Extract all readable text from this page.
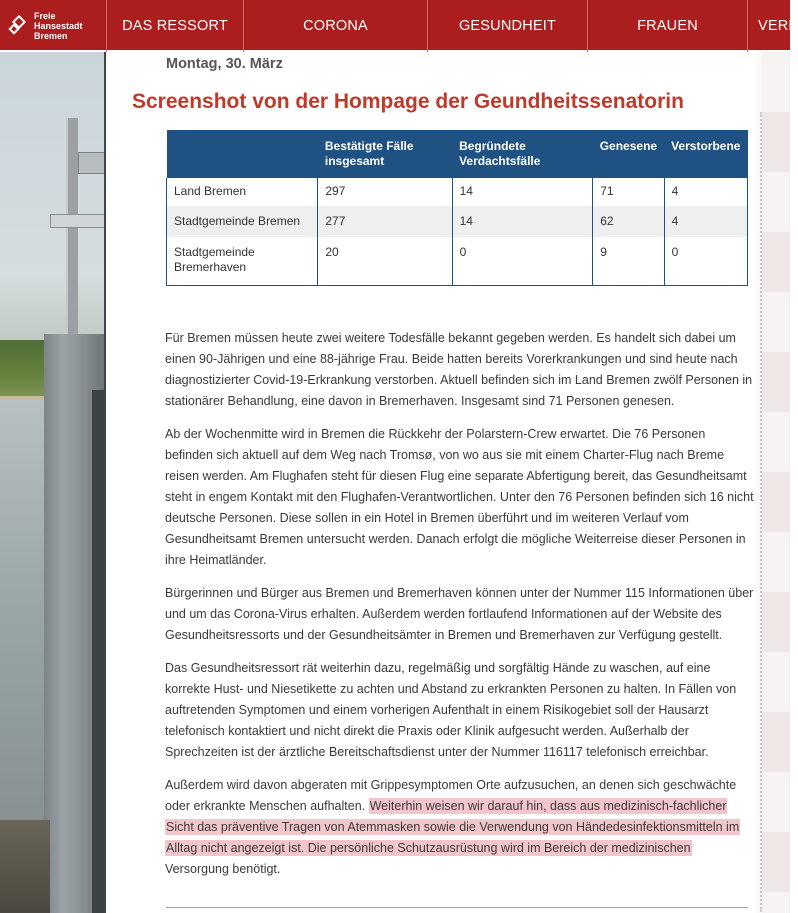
Freie
Hansestadt
Bremen
DAS RESSORT	CORONA	GESUNDHEIT	FRAUEN	VERB
Montag, 30. März
Screenshot von der Hompage der Geundheitssenatorin
	Bestätigte Fälle insgesamt	Begründete Verdachtsfälle	Genesene	Verstorbene
Land Bremen	297	14	71	4
Stadtgemeinde Bremen	277	14	62	4
Stadtgemeinde Bremerhaven	20	0	9	0

Für Bremen müssen heute zwei weitere Todesfälle bekannt gegeben werden. Es handelt sich dabei um einen 90-Jährigen und eine 88-jährige Frau. Beide hatten bereits Vorerkrankungen und sind heute nach diagnostizierter Covid-19-Erkrankung verstorben. Aktuell befinden sich im Land Bremen zwölf Personen in stationärer Behandlung, eine davon in Bremerhaven. Insgesamt sind 71 Personen genesen.

Ab der Wochenmitte wird in Bremen die Rückkehr der Polarstern-Crew erwartet. Die 76 Personen befinden sich aktuell auf dem Weg nach Tromsø, von wo aus sie mit einem Charter-Flug nach Breme reisen werden. Am Flughafen steht für diesen Flug eine separate Abfertigung bereit, das Gesundheitsamt steht in engem Kontakt mit den Flughafen-Verantwortlichen. Unter den 76 Personen befinden sich 16 nicht deutsche Personen. Diese sollen in ein Hotel in Bremen überführt und im weiteren Verlauf vom Gesundheitsamt Bremen untersucht werden. Danach erfolgt die mögliche Weiterreise dieser Personen in ihre Heimatländer.

Bürgerinnen und Bürger aus Bremen und Bremerhaven können unter der Nummer 115 Informationen über und um das Corona-Virus erhalten. Außerdem werden fortlaufend Informationen auf der Website des Gesundheitsressorts und der Gesundheitsämter in Bremen und Bremerhaven zur Verfügung gestellt.

Das Gesundheitsressort rät weiterhin dazu, regelmäßig und sorgfältig Hände zu waschen, auf eine korrekte Hust- und Niesetikette zu achten und Abstand zu erkrankten Personen zu halten. In Fällen von auftretenden Symptomen und einem vorherigen Aufenthalt in einem Risikogebiet soll der Hausarzt telefonisch kontaktiert und nicht direkt die Praxis oder Klinik aufgesucht werden. Außerhalb der Sprechzeiten ist der ärztliche Bereitschaftsdienst unter der Nummer 116117 telefonisch erreichbar.

Außerdem wird davon abgeraten mit Grippesymptomen Orte aufzusuchen, an denen sich geschwächte oder erkrankte Menschen aufhalten. Weiterhin weisen wir darauf hin, dass aus medizinisch-fachlicher Sicht das präventive Tragen von Atemmasken sowie die Verwendung von Händedesinfektionsmitteln im Alltag nicht angezeigt ist. Die persönliche Schutzausrüstung wird im Bereich der medizinischen Versorgung benötigt.
